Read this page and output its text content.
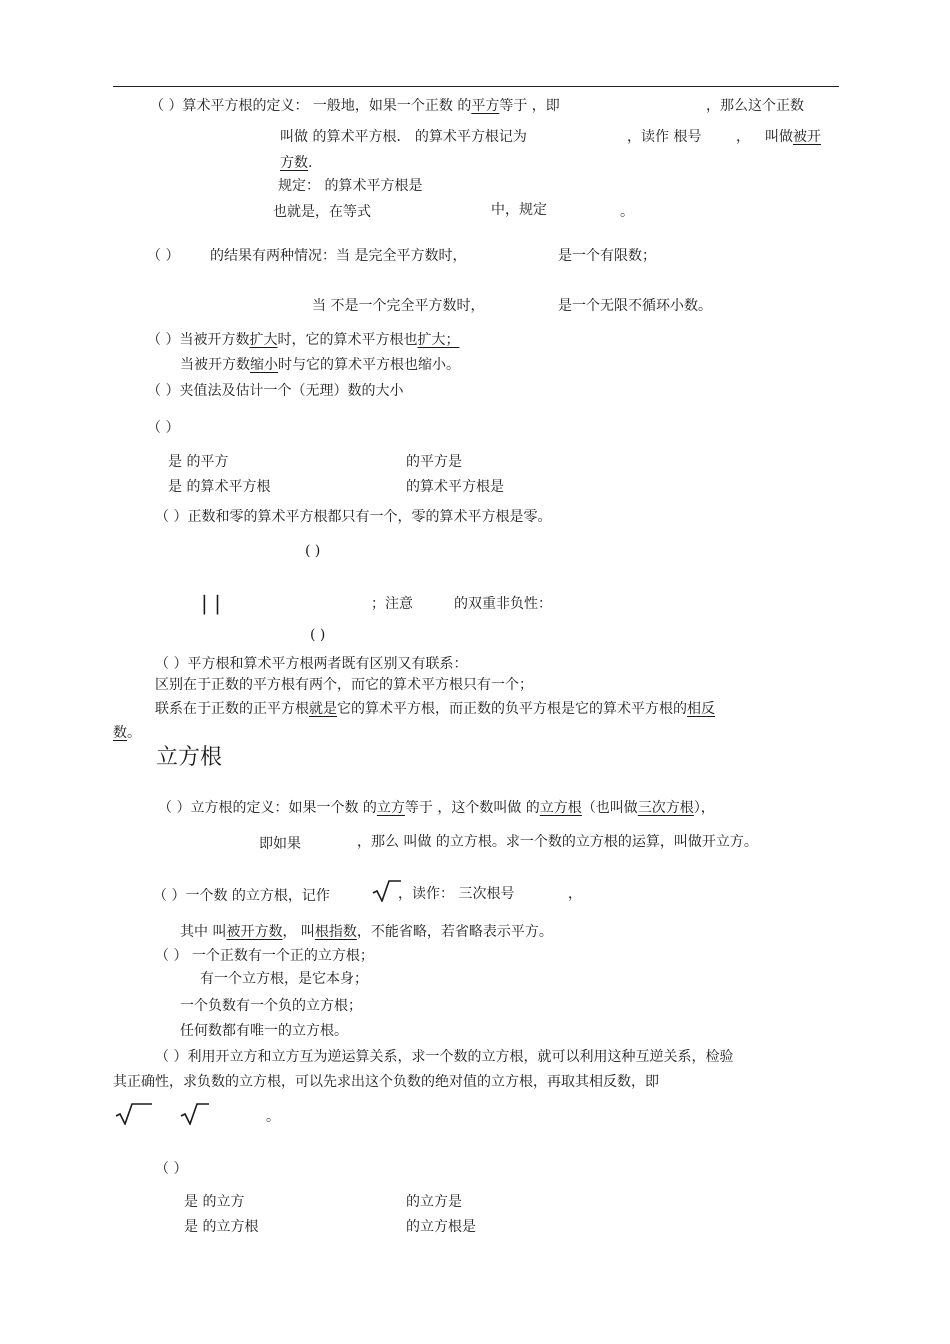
（ ）算术平方根的定义： 一般地，如果一个正数 的平方等于 ，即	，那么这个正数
叫做 的算术平方根． 的算术平方根记为	，读作 根号 ， 叫做被开
方数.
规定： 的算术平方根是
也就是，在等式	中，规定	。
（ ） 的结果有两种情况：当 是完全平方数时，	是一个有限数；
当 不是一个完全平方数时，	是一个无限不循环小数。
（ ）当被开方数扩大时，它的算术平方根也扩大；
当被开方数缩小时与它的算术平方根也缩小。
（ ）夹值法及估计一个（无理）数的大小
（ ）
是 的平方	的平方是
是 的算术平方根	的算术平方根是
（ ）正数和零的算术平方根都只有一个，零的算术平方根是零。
( )
| |	；注意	的双重非负性：
( )
（ ）平方根和算术平方根两者既有区别又有联系：
区别在于正数的平方根有两个，而它的算术平方根只有一个；
联系在于正数的正平方根就是它的算术平方根，而正数的负平方根是它的算术平方根的相反
数。
立方根
（ ）立方根的定义：如果一个数 的立方等于 ，这个数叫做 的立方根（也叫做三次方根），
即如果	，那么 叫做 的立方根。求一个数的立方根的运算，叫做开立方。
（ ）一个数 的立方根，记作	，读作： 三次根号	，
其中 叫被开方数， 叫根指数，不能省略，若省略表示平方。
（ ） 一个正数有一个正的立方根；
有一个立方根，是它本身；
一个负数有一个负的立方根；
任何数都有唯一的立方根。
（ ）利用开立方和立方互为逆运算关系，求一个数的立方根，就可以利用这种互逆关系，检验
其正确性，求负数的立方根，可以先求出这个负数的绝对值的立方根，再取其相反数，即
。
（ ）
是 的立方	的立方是
是 的立方根	的立方根是
